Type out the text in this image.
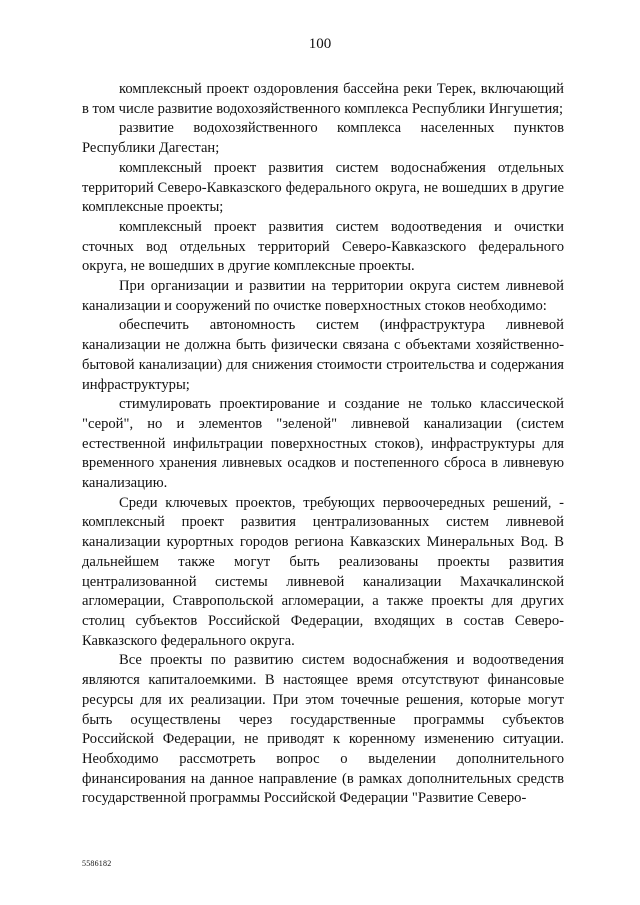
100

комплексный проект оздоровления бассейна реки Терек, включающий в том числе развитие водохозяйственного комплекса Республики Ингушетия;

развитие водохозяйственного комплекса населенных пунктов Республики Дагестан;

комплексный проект развития систем водоснабжения отдельных территорий Северо-Кавказского федерального округа, не вошедших в другие комплексные проекты;

комплексный проект развития систем водоотведения и очистки сточных вод отдельных территорий Северо-Кавказского федерального округа, не вошедших в другие комплексные проекты.

При организации и развитии на территории округа систем ливневой канализации и сооружений по очистке поверхностных стоков необходимо:

обеспечить автономность систем (инфраструктура ливневой канализации не должна быть физически связана с объектами хозяйственно-бытовой канализации) для снижения стоимости строительства и содержания инфраструктуры;

стимулировать проектирование и создание не только классической "серой", но и элементов "зеленой" ливневой канализации (систем естественной инфильтрации поверхностных стоков), инфраструктуры для временного хранения ливневых осадков и постепенного сброса в ливневую канализацию.

Среди ключевых проектов, требующих первоочередных решений, - комплексный проект развития централизованных систем ливневой канализации курортных городов региона Кавказских Минеральных Вод. В дальнейшем также могут быть реализованы проекты развития централизованной системы ливневой канализации Махачкалинской агломерации, Ставропольской агломерации, а также проекты для других столиц субъектов Российской Федерации, входящих в состав Северо-Кавказского федерального округа.

Все проекты по развитию систем водоснабжения и водоотведения являются капиталоемкими. В настоящее время отсутствуют финансовые ресурсы для их реализации. При этом точечные решения, которые могут быть осуществлены через государственные программы субъектов Российской Федерации, не приводят к коренному изменению ситуации. Необходимо рассмотреть вопрос о выделении дополнительного финансирования на данное направление (в рамках дополнительных средств государственной программы Российской Федерации "Развитие Северо-

5586182
